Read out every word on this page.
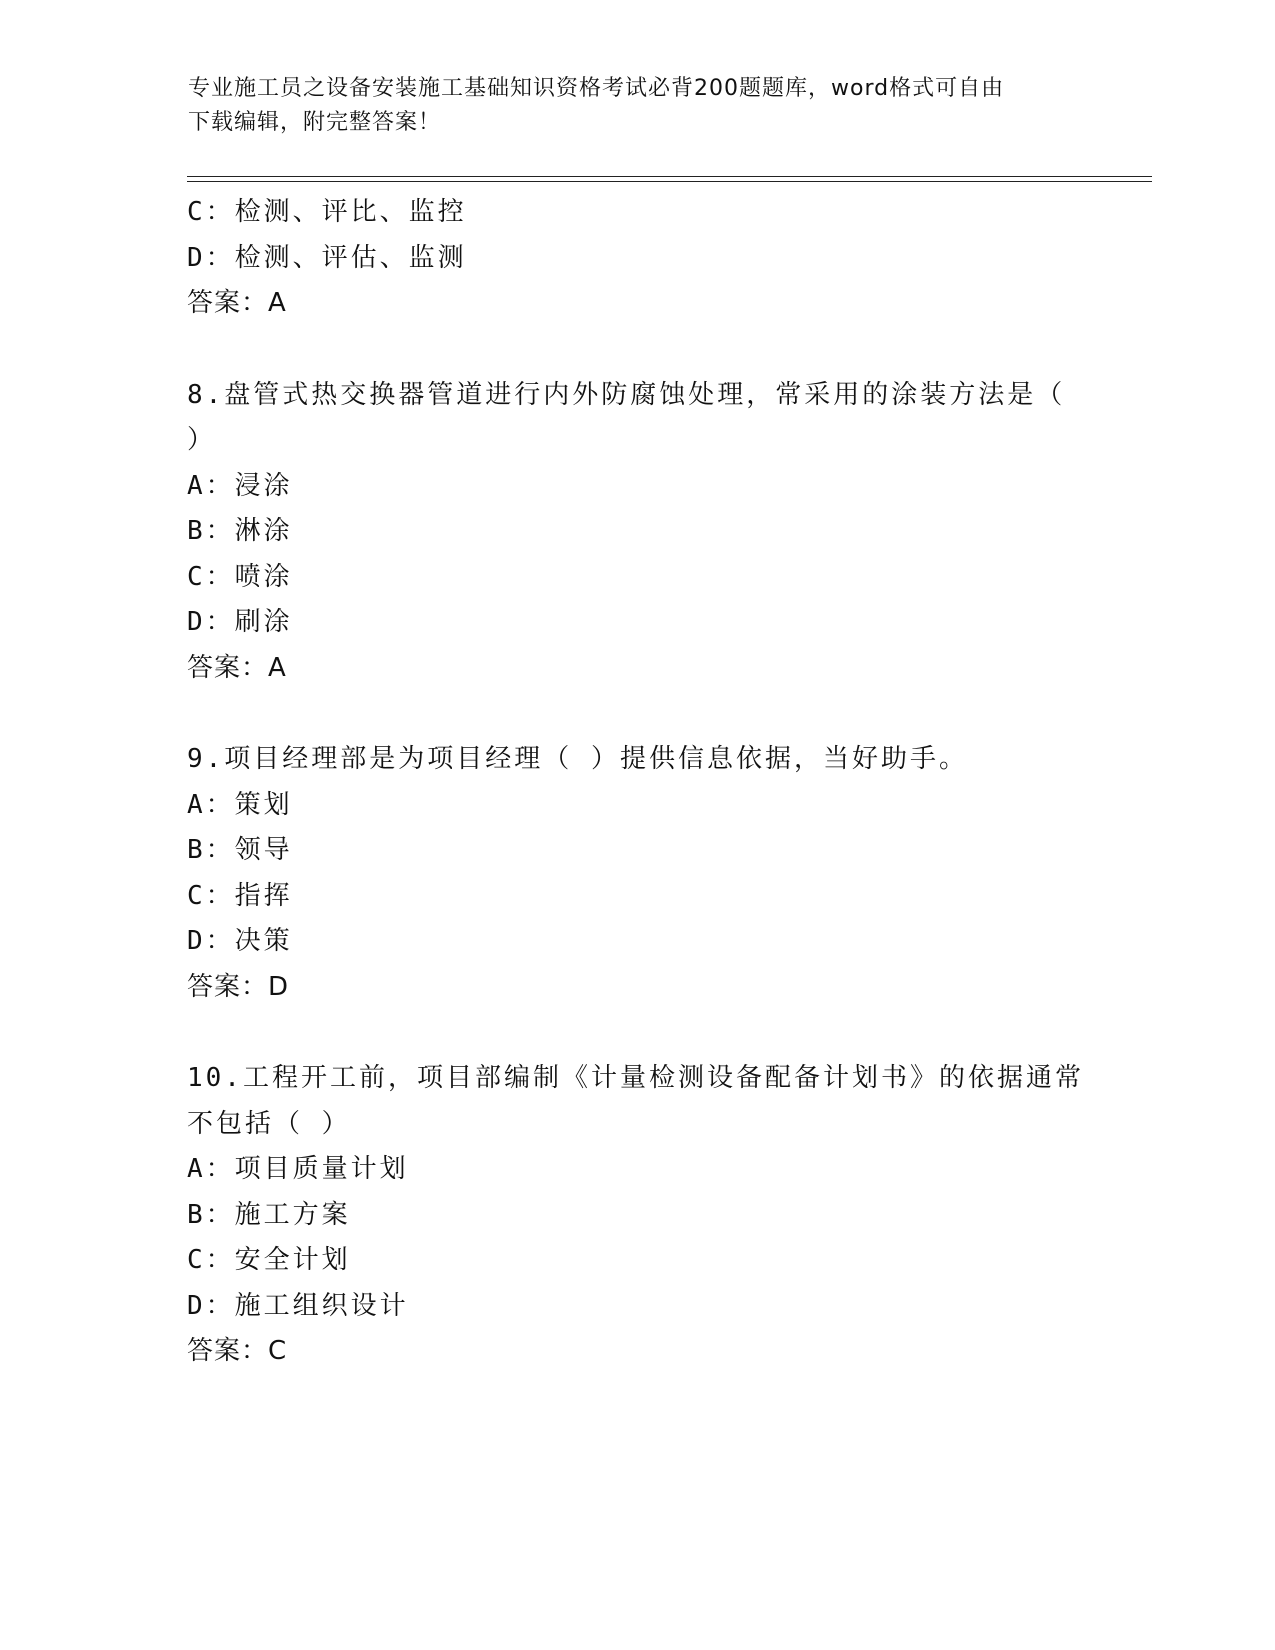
专业施工员之设备安装施工基础知识资格考试必背200题题库，word格式可自由
下载编辑，附完整答案！
C：检测、评比、监控
D：检测、评估、监测
答案：A
8.盘管式热交换器管道进行内外防腐蚀处理，常采用的涂装方法是（
）
A：浸涂
B：淋涂
C：喷涂
D：刷涂
答案：A
9.项目经理部是为项目经理（ ）提供信息依据，当好助手。
A：策划
B：领导
C：指挥
D：决策
答案：D
10.工程开工前，项目部编制《计量检测设备配备计划书》的依据通常
不包括（ ）
A：项目质量计划
B：施工方案
C：安全计划
D：施工组织设计
答案：C
